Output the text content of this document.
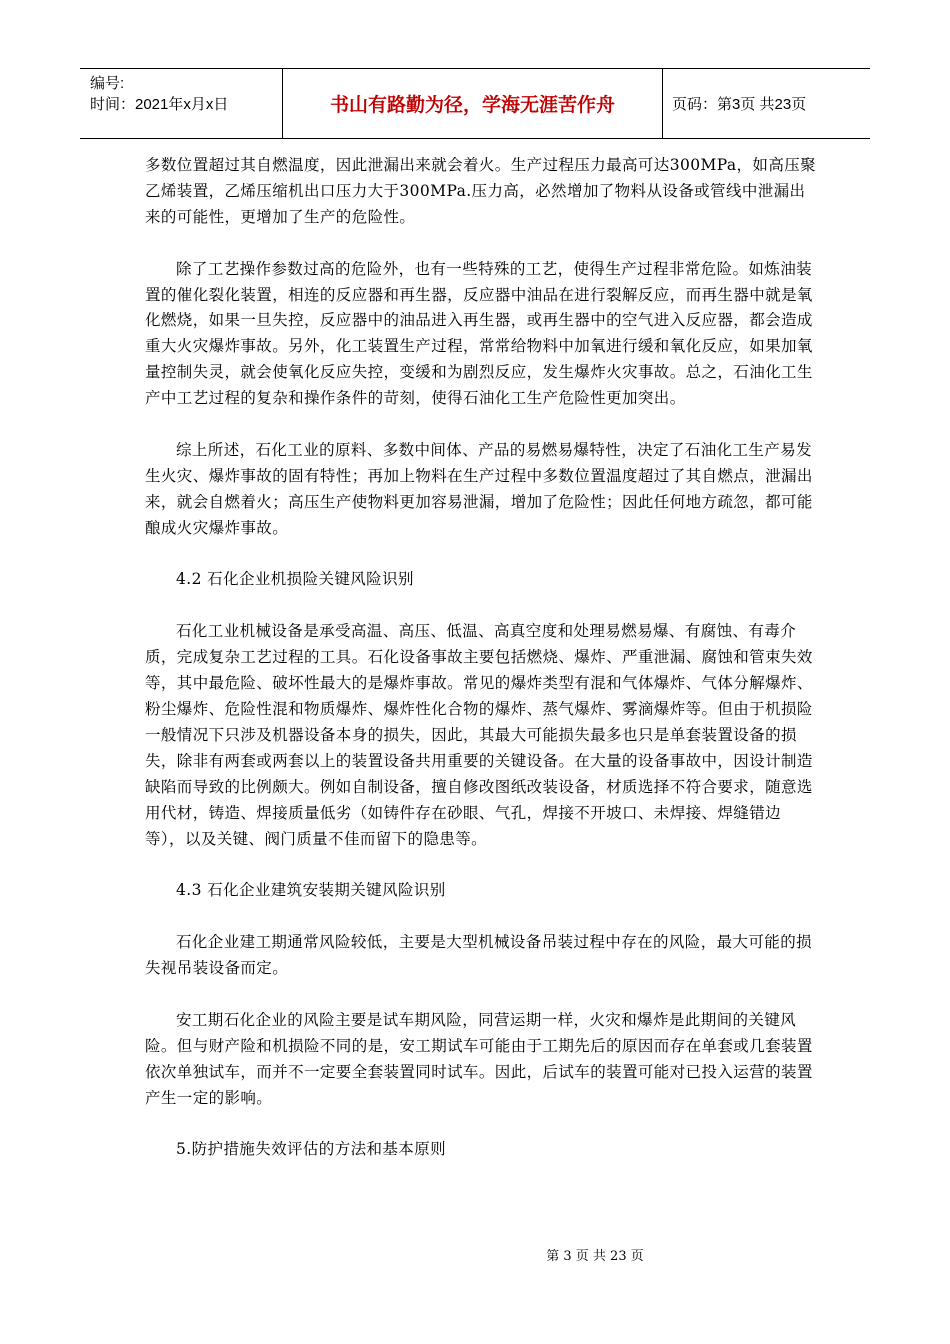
编号:
时间：2021年x月x日	书山有路勤为径，学海无涯苦作舟	页码：第3页 共23页

多数位置超过其自燃温度，因此泄漏出来就会着火。生产过程压力最高可达300MPa，如高压聚乙烯装置，乙烯压缩机出口压力大于300MPa.压力高，必然增加了物料从设备或管线中泄漏出来的可能性，更增加了生产的危险性。

除了工艺操作参数过高的危险外，也有一些特殊的工艺，使得生产过程非常危险。如炼油装置的催化裂化装置，相连的反应器和再生器，反应器中油品在进行裂解反应，而再生器中就是氧化燃烧，如果一旦失控，反应器中的油品进入再生器，或再生器中的空气进入反应器，都会造成重大火灾爆炸事故。另外，化工装置生产过程，常常给物料中加氧进行缓和氧化反应，如果加氧量控制失灵，就会使氧化反应失控，变缓和为剧烈反应，发生爆炸火灾事故。总之，石油化工生产中工艺过程的复杂和操作条件的苛刻，使得石油化工生产危险性更加突出。

综上所述，石化工业的原料、多数中间体、产品的易燃易爆特性，决定了石油化工生产易发生火灾、爆炸事故的固有特性；再加上物料在生产过程中多数位置温度超过了其自燃点，泄漏出来，就会自燃着火；高压生产使物料更加容易泄漏，增加了危险性；因此任何地方疏忽，都可能酿成火灾爆炸事故。

4.2 石化企业机损险关键风险识别

石化工业机械设备是承受高温、高压、低温、高真空度和处理易燃易爆、有腐蚀、有毒介质，完成复杂工艺过程的工具。石化设备事故主要包括燃烧、爆炸、严重泄漏、腐蚀和管束失效等，其中最危险、破坏性最大的是爆炸事故。常见的爆炸类型有混和气体爆炸、气体分解爆炸、粉尘爆炸、危险性混和物质爆炸、爆炸性化合物的爆炸、蒸气爆炸、雾滴爆炸等。但由于机损险一般情况下只涉及机器设备本身的损失，因此，其最大可能损失最多也只是单套装置设备的损失，除非有两套或两套以上的装置设备共用重要的关键设备。在大量的设备事故中，因设计制造缺陷而导致的比例颇大。例如自制设备，擅自修改图纸改装设备，材质选择不符合要求，随意选用代材，铸造、焊接质量低劣（如铸件存在砂眼、气孔，焊接不开坡口、未焊接、焊缝错边等），以及关键、阀门质量不佳而留下的隐患等。

4.3 石化企业建筑安装期关键风险识别

石化企业建工期通常风险较低，主要是大型机械设备吊装过程中存在的风险，最大可能的损失视吊装设备而定。

安工期石化企业的风险主要是试车期风险，同营运期一样，火灾和爆炸是此期间的关键风险。但与财产险和机损险不同的是，安工期试车可能由于工期先后的原因而存在单套或几套装置依次单独试车，而并不一定要全套装置同时试车。因此，后试车的装置可能对已投入运营的装置产生一定的影响。

5.防护措施失效评估的方法和基本原则
第 3 页 共 23 页
